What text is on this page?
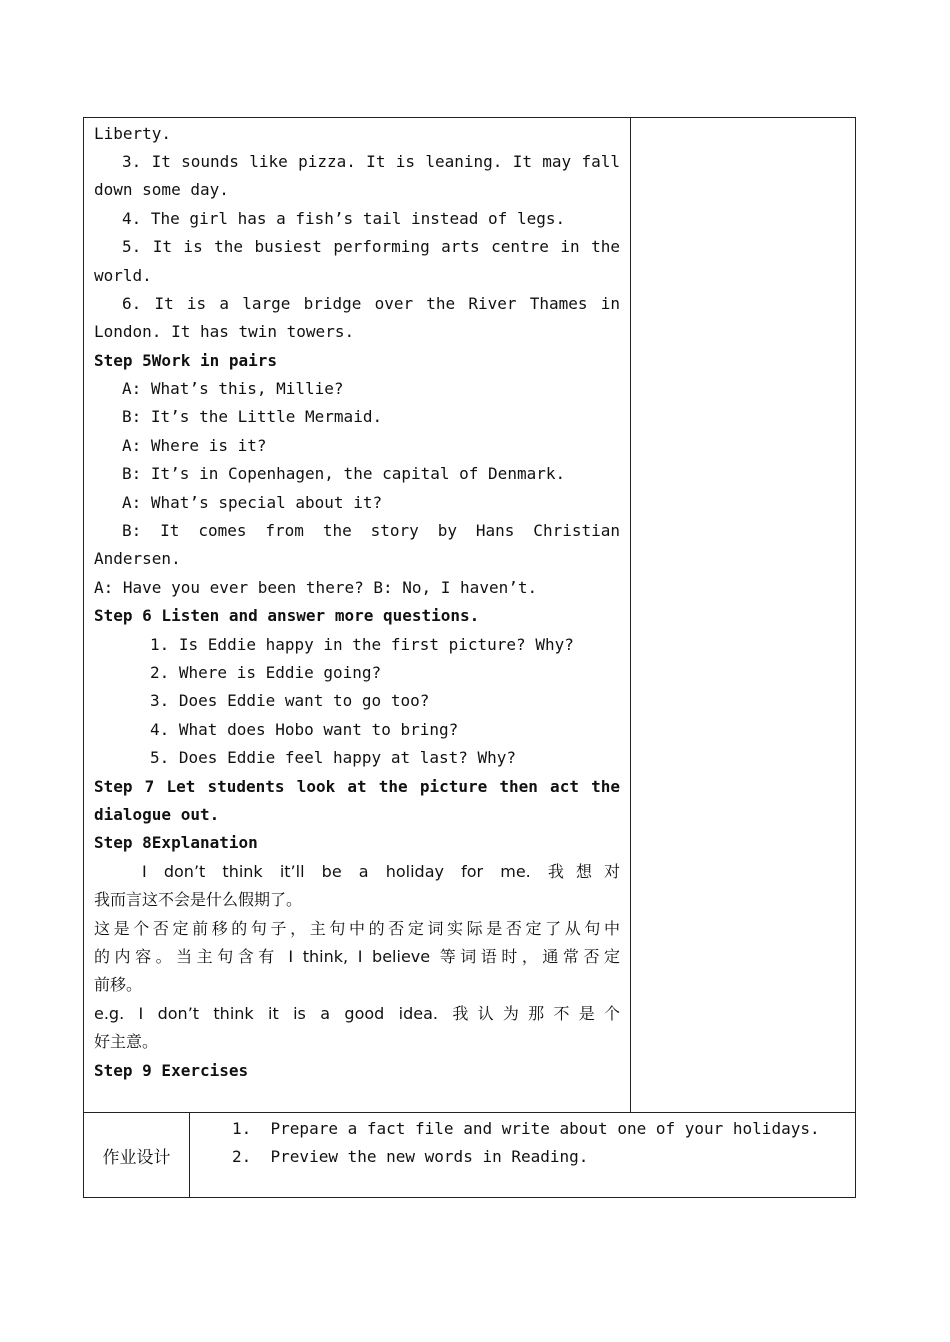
Liberty.
3. It sounds like pizza. It is leaning. It may fall
down some day.
4. The girl has a fish’s tail instead of legs.
5. It is the busiest performing arts centre in the
world.
6. It is a large bridge over the River Thames in
London. It has twin towers.
Step 5Work in pairs
A: What’s this, Millie?
B: It’s the Little Mermaid.
A: Where is it?
B: It’s in Copenhagen, the capital of Denmark.
A: What’s special about it?
B: It comes from the story by Hans Christian
Andersen.
A: Have you ever been there? B: No, I haven’t.
Step 6 Listen and answer more questions.
1. Is Eddie happy in the first picture? Why?
2. Where is Eddie going?
3. Does Eddie want to go too?
4. What does Hobo want to bring?
5. Does Eddie feel happy at last? Why?
Step 7 Let students look at the picture then act the
dialogue out.
Step 8Explanation
I don’t think it’ll be a holiday for me. 我想对
我而言这不会是什么假期了。
这是个否定前移的句子，主句中的否定词实际是否定了从句中
的内容。当主句含有 I think, I believe 等词语时，通常否定
前移。
e.g. I don’t think it is a good idea. 我认为那不是个
好主意。
Step 9 Exercises
作业设计
1.  Prepare a fact file and write about one of your holidays.
2.  Preview the new words in Reading.
